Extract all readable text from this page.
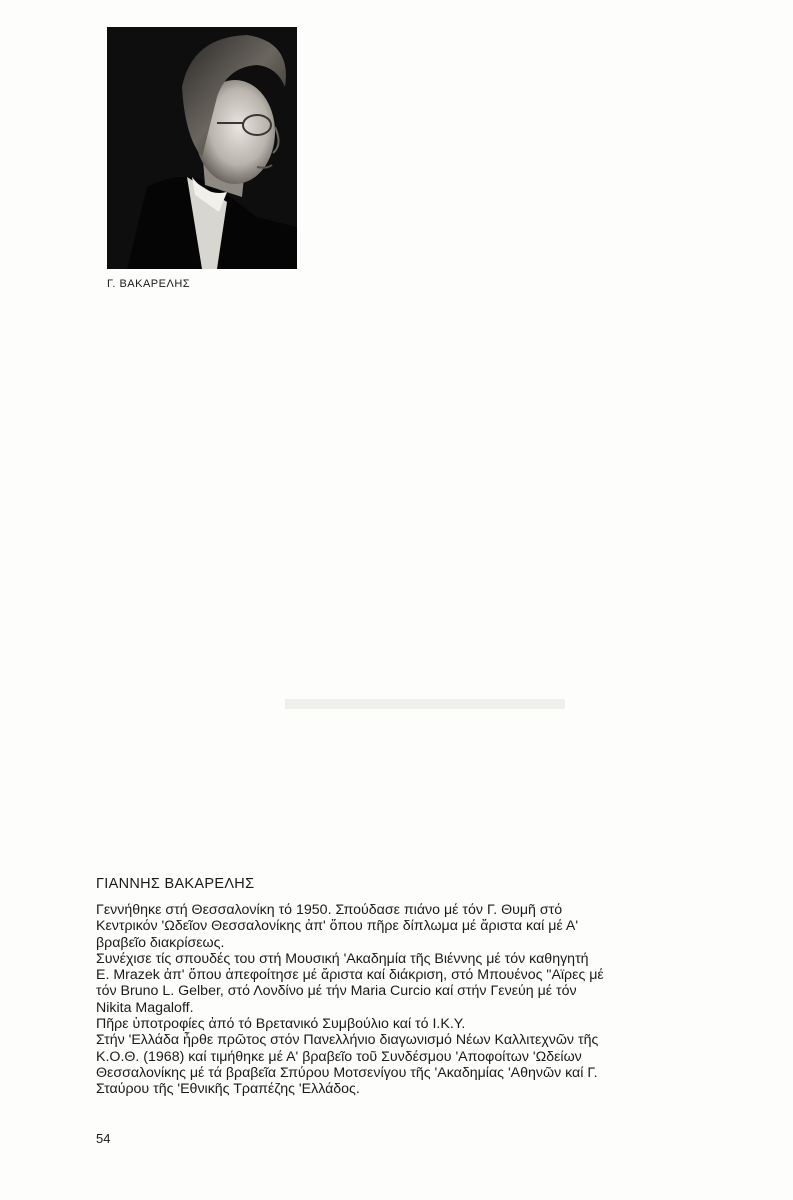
Γ. ΒΑΚΑΡΕΛΗΣ
ΓΙΑΝΝΗΣ ΒΑΚΑΡΕΛΗΣ
Γεννήθηκε στή Θεσσαλονίκη τό 1950. Σπούδασε πιάνο μέ τόν Γ. Θυμῆ στό
Κεντρικόν 'Ωδεῖον Θεσσαλονίκης ἀπ' ὅπου πῆρε δίπλωμα μέ ἄριστα καί μέ Α'
βραβεῖο διακρίσεως.
Συνέχισε τίς σπουδές του στή Μουσική 'Ακαδημία τῆς Βιέννης μέ τόν καθηγητή
E. Mrazek ἀπ' ὅπου ἀπεφοίτησε μέ ἄριστα καί διάκριση, στό Μπουένος "Αϊρες μέ
τόν Bruno L. Gelber, στό Λονδίνο μέ τήν Maria Curcio καί στήν Γενεύη μέ τόν
Nikita Magaloff.
Πῆρε ὑποτροφίες ἀπό τό Βρετανικό Συμβούλιο καί τό Ι.Κ.Υ.
Στήν 'Ελλάδα ἦρθε πρῶτος στόν Πανελλήνιο διαγωνισμό Νέων Καλλιτεχνῶν τῆς
Κ.Ο.Θ. (1968) καί τιμήθηκε μέ Α' βραβεῖο τοῦ Συνδέσμου 'Αποφοίτων 'Ωδείων
Θεσσαλονίκης μέ τά βραβεῖα Σπύρου Μοτσενίγου τῆς 'Ακαδημίας 'Αθηνῶν καί Γ.
Σταύρου τῆς 'Εθνικῆς Τραπέζης 'Ελλάδος.
54
